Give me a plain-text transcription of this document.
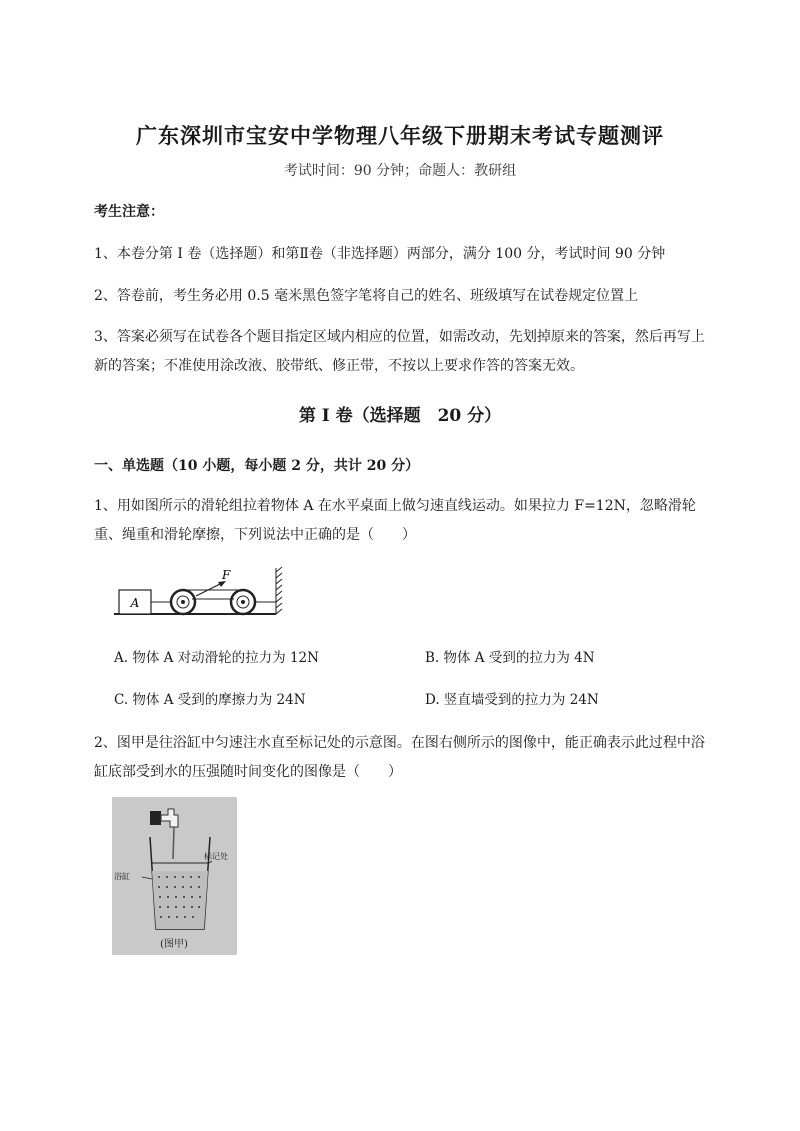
广东深圳市宝安中学物理八年级下册期末考试专题测评
考试时间：90 分钟；命题人：教研组
考生注意：
1、本卷分第 I 卷（选择题）和第Ⅱ卷（非选择题）两部分，满分 100 分，考试时间 90 分钟
2、答卷前，考生务必用 0.5 毫米黑色签字笔将自己的姓名、班级填写在试卷规定位置上
3、答案必须写在试卷各个题目指定区域内相应的位置，如需改动，先划掉原来的答案，然后再写上新的答案；不准使用涂改液、胶带纸、修正带，不按以上要求作答的答案无效。
第 I 卷（选择题　20 分）
一、单选题（10 小题，每小题 2 分，共计 20 分）
1、用如图所示的滑轮组拉着物体 A 在水平桌面上做匀速直线运动。如果拉力 F=12N，忽略滑轮重、绳重和滑轮摩擦，下列说法中正确的是（　　）
A
F
A. 物体 A 对动滑轮的拉力为 12N	B. 物体 A 受到的拉力为 4N
C. 物体 A 受到的摩擦力为 24N	D. 竖直墙受到的拉力为 24N
2、图甲是往浴缸中匀速注水直至标记处的示意图。在图右侧所示的图像中，能正确表示此过程中浴缸底部受到水的压强随时间变化的图像是（　　）
浴缸
标记处
(图甲)
